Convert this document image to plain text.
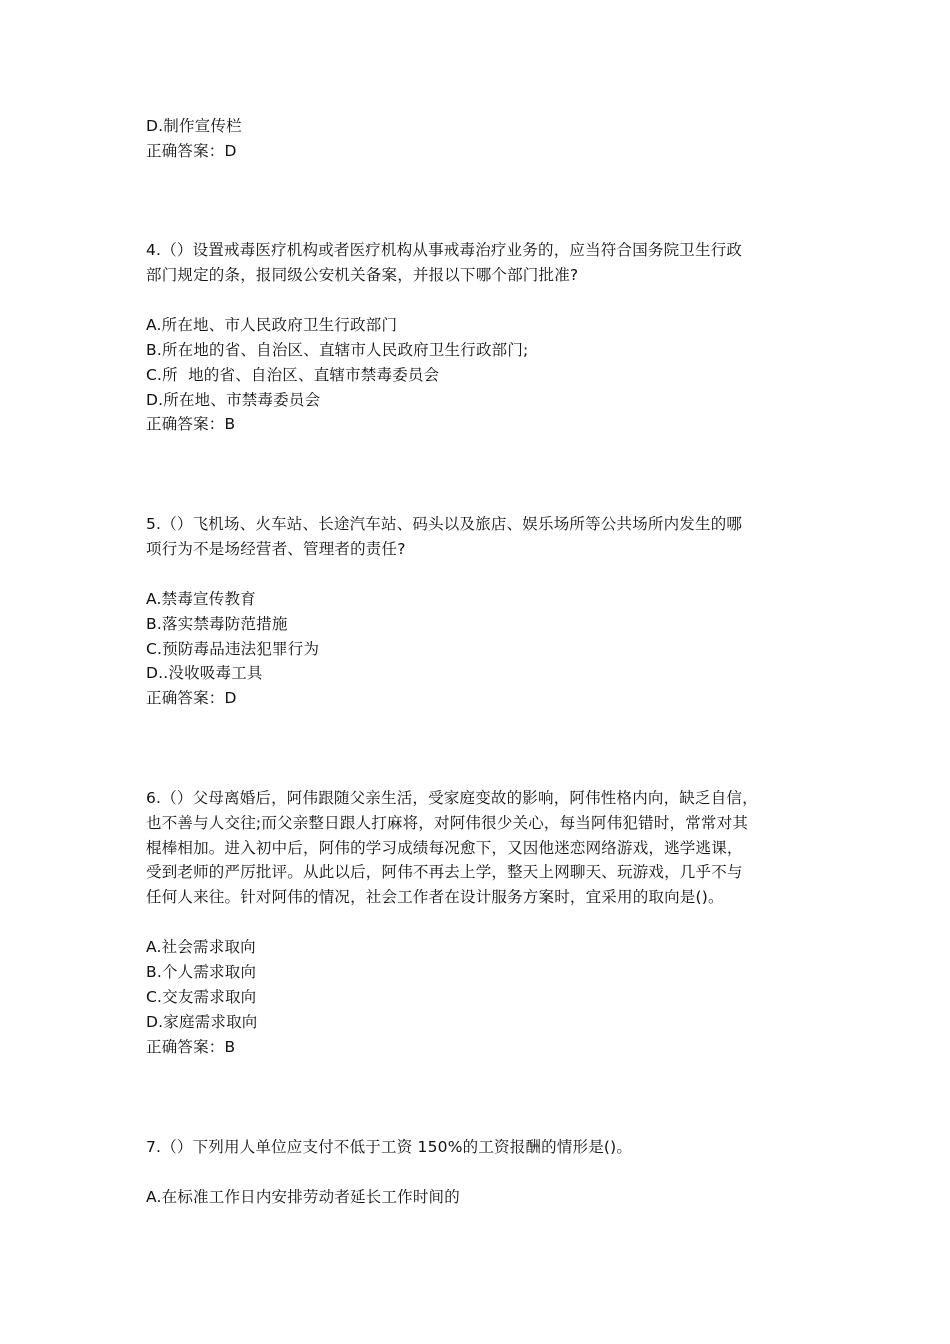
D.制作宣传栏
正确答案：D
4.（）设置戒毒医疗机构或者医疗机构从事戒毒治疗业务的，应当符合国务院卫生行政
部门规定的条，报同级公安机关备案，并报以下哪个部门批准?
A.所在地、市人民政府卫生行政部门
B.所在地的省、自治区、直辖市人民政府卫生行政部门;
C.所  地的省、自治区、直辖市禁毒委员会
D.所在地、市禁毒委员会
正确答案：B
5.（）飞机场、火车站、长途汽车站、码头以及旅店、娱乐场所等公共场所内发生的哪
项行为不是场经营者、管理者的责任?
A.禁毒宣传教育
B.落实禁毒防范措施
C.预防毒品违法犯罪行为
D..没收吸毒工具
正确答案：D
6.（）父母离婚后，阿伟跟随父亲生活，受家庭变故的影响，阿伟性格内向，缺乏自信，
也不善与人交往;而父亲整日跟人打麻将，对阿伟很少关心，每当阿伟犯错时，常常对其
棍棒相加。进入初中后，阿伟的学习成绩每况愈下，又因他迷恋网络游戏，逃学逃课，
受到老师的严厉批评。从此以后，阿伟不再去上学，整天上网聊天、玩游戏，几乎不与
任何人来往。针对阿伟的情况，社会工作者在设计服务方案时，宜采用的取向是()。
A.社会需求取向
B.个人需求取向
C.交友需求取向
D.家庭需求取向
正确答案：B
7.（）下列用人单位应支付不低于工资 150%的工资报酬的情形是()。
A.在标准工作日内安排劳动者延长工作时间的
